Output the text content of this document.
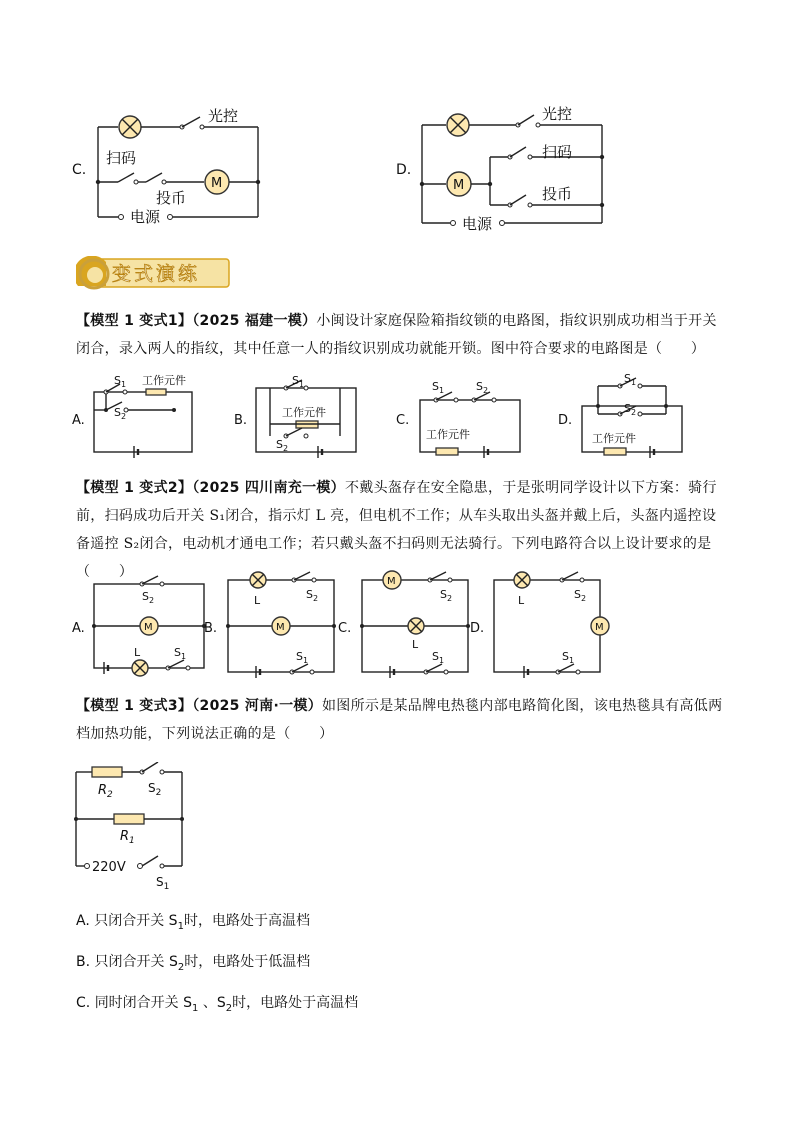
C.
光控
扫码
投币
M
电源
D.
光控
M
扫码
投币
电源
变式演练
【模型 1 变式1】（2025 福建一模）小闽设计家庭保险箱指纹锁的电路图，指纹识别成功相当于开关闭合，录入两人的指纹，其中任意一人的指纹识别成功就能开锁。图中符合要求的电路图是（　　）
A.
$S_1$ 工作元件
$S_2$	B.
$S_1$
工作元件
$S_2$
C.
$S_1$	$S_2$
工作元件
D.
$S_1$
$S_2$
工作元件
【模型 1 变式2】（2025 四川南充一模）不戴头盔存在安全隐患，于是张明同学设计以下方案：骑行前，扫码成功后开关 S₁闭合，指示灯 L 亮，但电机不工作；从车头取出头盔并戴上后，头盔内遥控设备遥控 S₂闭合，电动机才通电工作；若只戴头盔不扫码则无法骑行。下列电路符合以上设计要求的是（　　）
A.
$S_2$
M
L	$S_1$
B.
L	$S_2$
M
$S_1$
C.
M
$S_2$
L
$S_1$
D.
L	$S_2$
M
$S_1$
【模型 1 变式3】（2025 河南·一模）如图所示是某品牌电热毯内部电路简化图，该电热毯具有高低两档加热功能，下列说法正确的是（　　）
$R_2$	$S_2$
$R_1$
220V
$S_1$
A. 只闭合开关 $S_1$时，电路处于高温档
B. 只闭合开关 $S_2$时，电路处于低温档
C. 同时闭合开关 $S_1$ 、$S_2$时，电路处于高温档
